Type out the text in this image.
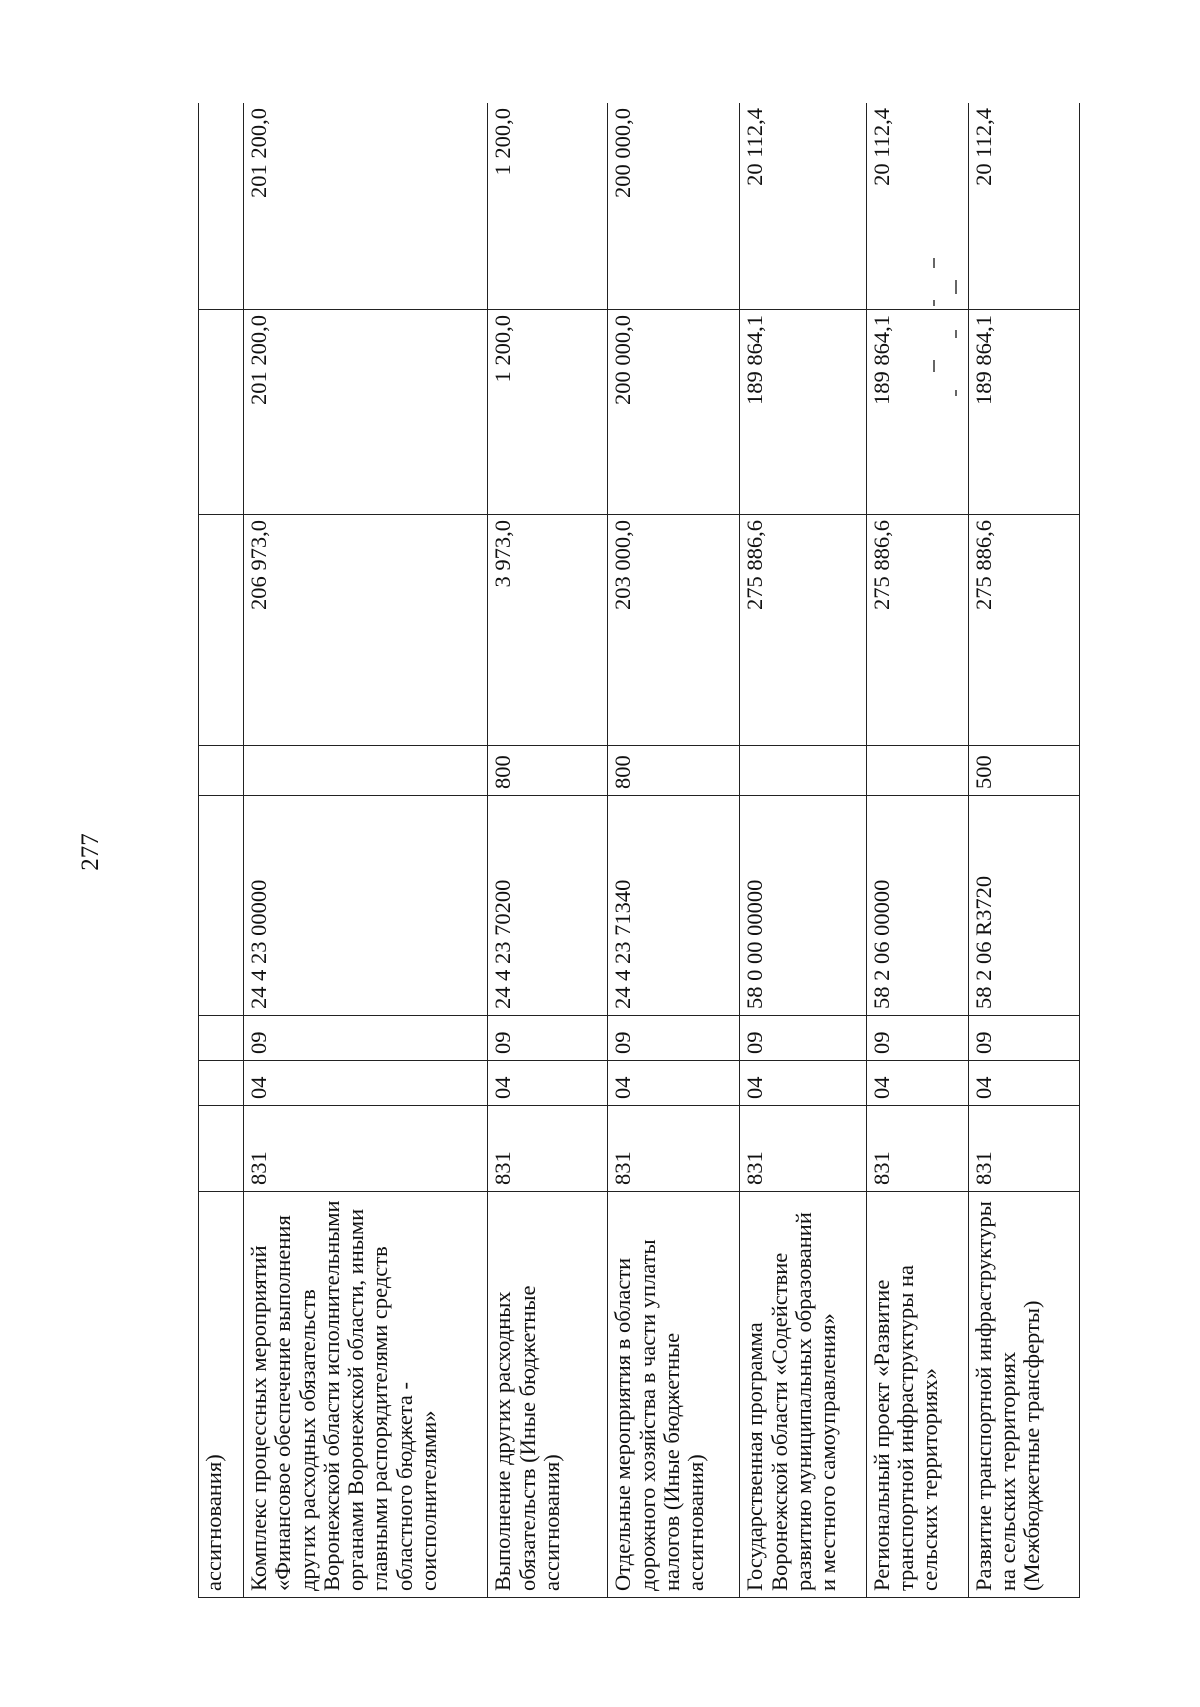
277
ассигнования)								
Комплекс процессных мероприятий «Финансовое обеспечение выполнения других расходных обязательств Воронежской области исполнительными органами Воронежской области, иными главными распорядителями средств областного бюджета - соисполнителями»	831	04	09	24 4 23 00000		206 973,0	201 200,0	201 200,0
Выполнение других расходных обязательств (Иные бюджетные ассигнования)	831	04	09	24 4 23 70200	800	3 973,0	1 200,0	1 200,0
Отдельные мероприятия в области дорожного хозяйства в части уплаты налогов (Иные бюджетные ассигнования)	831	04	09	24 4 23 71340	800	203 000,0	200 000,0	200 000,0
Государственная программа Воронежской области «Содействие развитию муниципальных образований и местного самоуправления»	831	04	09	58 0 00 00000		275 886,6	189 864,1	20 112,4
Региональный проект «Развитие транспортной инфраструктуры на сельских территориях»	831	04	09	58 2 06 00000		275 886,6	189 864,1	20 112,4
Развитие транспортной инфраструктуры на сельских территориях (Межбюджетные трансферты)	831	04	09	58 2 06 R3720	500	275 886,6	189 864,1	20 112,4
